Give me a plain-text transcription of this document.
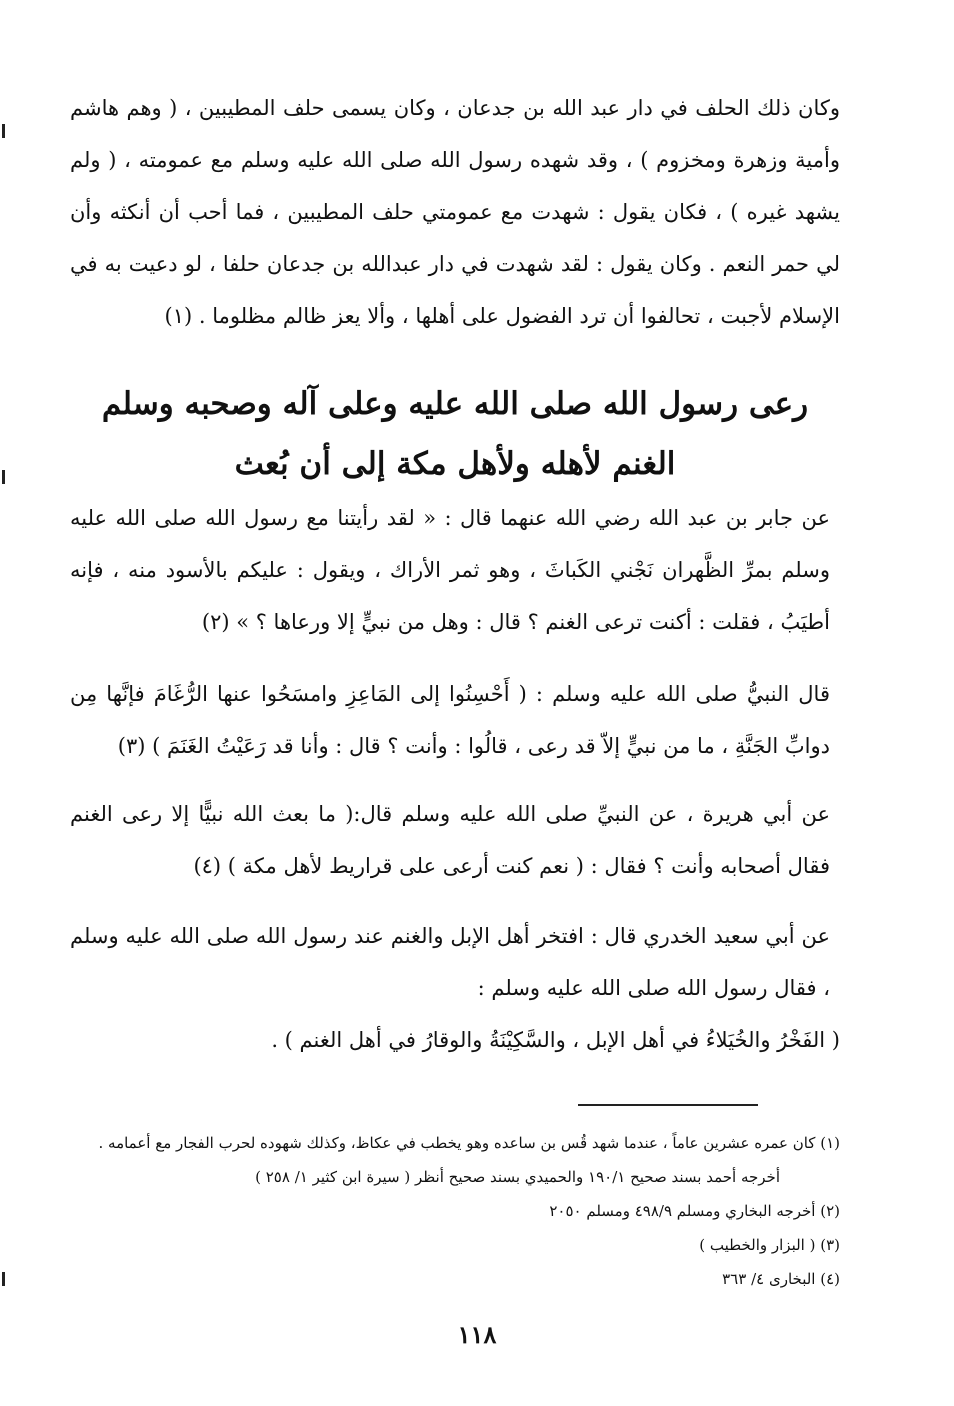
وكان ذلك الحلف في دار عبد الله بن جدعان ، وكان يسمى حلف المطيبين ، ( وهم هاشم وأمية وزهرة ومخزوم ) ، وقد شهده رسول الله صلى الله عليه وسلم مع عمومته ، ( ولم يشهد غيره ) ، فكان يقول : شهدت مع عمومتي حلف المطيبين ، فما أحب أن أنكثه وأن لي حمر النعم . وكان يقول : لقد شهدت في دار عبدالله بن جدعان حلفا ، لو دعيت به في الإسلام لأجبت ، تحالفوا أن ترد الفضول على أهلها ، وألا يعز ظالم مظلوما . (١)

رعى رسول الله صلى الله عليه وعلى آله وصحبه وسلم
الغنم لأهله ولأهل مكة إلى أن بُعث

عن جابر بن عبد الله رضي الله عنهما قال : « لقد رأيتنا مع رسول الله صلى الله عليه وسلم بمرِّ الظَّهران نَجْني الكَباثَ ، وهو ثمر الأراك ، ويقول : عليكم بالأسود منه ، فإنه أطيَبُ ، فقلت : أكنت ترعى الغنم ؟ قال : وهل من نبيٍّ إلا ورعاها ؟ » (٢)

قال النبيُّ صلى الله عليه وسلم : ( أَحْسِنُوا إلى المَاعِزِ وامسَحُوا عنها الرُّغَامَ فإنَّها مِن دوابِّ الجَنَّةِ ، ما من نبيٍّ إلاّ قد رعى ، قالُوا : وأنت ؟ قال : وأنا قد رَعَيْتُ الغَنَمَ ) (٣)

عن أبي هريرة ، عن النبيِّ صلى الله عليه وسلم قال:( ما بعث الله نبيًّا إلا رعى الغنم فقال أصحابه وأنت ؟ فقال : ( نعم كنت أرعى على قراريط لأهل مكة ) (٤)

عن أبي سعيد الخدري قال : افتخر أهل الإبل والغنم عند رسول الله صلى الله عليه وسلم ، فقال رسول الله صلى الله عليه وسلم :

( الفَخْرُ والخُيَلاءُ في أهل الإبل ، والسَّكِيْنَةُ والوقارُ في أهل الغنم ) .

(١) كان عمره عشرين عاماً ، عندما شهد قُس بن ساعده وهو يخطب في عكاظ، وكذلك شهوده لحرب الفجار مع أعمامه .

أخرجه أحمد بسند صحيح ١٩٠/١ والحميدي بسند صحيح أنظر ( سيرة ابن كثير ١/ ٢٥٨ )

(٢) أخرجه البخاري ومسلم ٤٩٨/٩ ومسلم ٢٠٥٠

(٣) ( البزار والخطيب )

(٤) البخارى ٤/ ٣٦٣

١١٨
